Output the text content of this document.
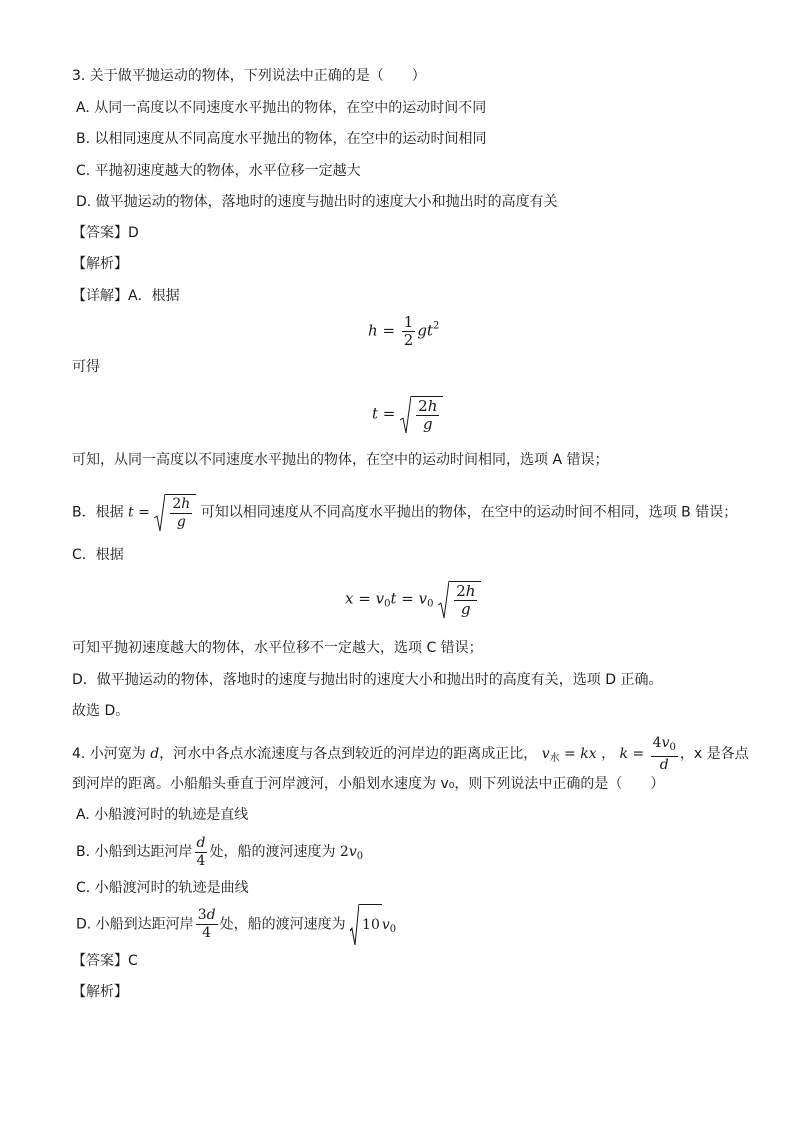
3. 关于做平抛运动的物体，下列说法中正确的是（　　）
A. 从同一高度以不同速度水平抛出的物体，在空中的运动时间不同
B. 以相同速度从不同高度水平抛出的物体，在空中的运动时间相同
C. 平抛初速度越大的物体，水平位移一定越大
D. 做平抛运动的物体，落地时的速度与抛出时的速度大小和抛出时的高度有关
【答案】D
【解析】
【详解】A．根据
$h = \frac{1}{2} gt^2$
可得
$t = \frac{2h}{g}$
可知，从同一高度以不同速度水平抛出的物体，在空中的运动时间相同，选项 A 错误；
B．根据 $t = \frac{2h}{g}$ 可知以相同速度从不同高度水平抛出的物体，在空中的运动时间不相同，选项 B 错误；
C．根据
$x = v_0t = v_0 \frac{2h}{g}$
可知平抛初速度越大的物体，水平位移不一定越大，选项 C 错误；
D．做平抛运动的物体，落地时的速度与抛出时的速度大小和抛出时的高度有关，选项 D 正确。
故选 D。
4. 小河宽为 d，河水中各点水流速度与各点到较近的河岸边的距离成正比， $v_水$ = kx ， $k = \frac{4v_0}{d}$ ，x 是各点
到河岸的距离。小船船头垂直于河岸渡河，小船划水速度为 v₀，则下列说法中正确的是（　　）
A. 小船渡河时的轨迹是直线
B. 小船到达距河岸 $\frac{d}{4}$ 处，船的渡河速度为 $2v_0$
C. 小船渡河时的轨迹是曲线
D. 小船到达距河岸 $\frac{3d}{4}$ 处，船的渡河速度为 10 $v_0$
【答案】C
【解析】
